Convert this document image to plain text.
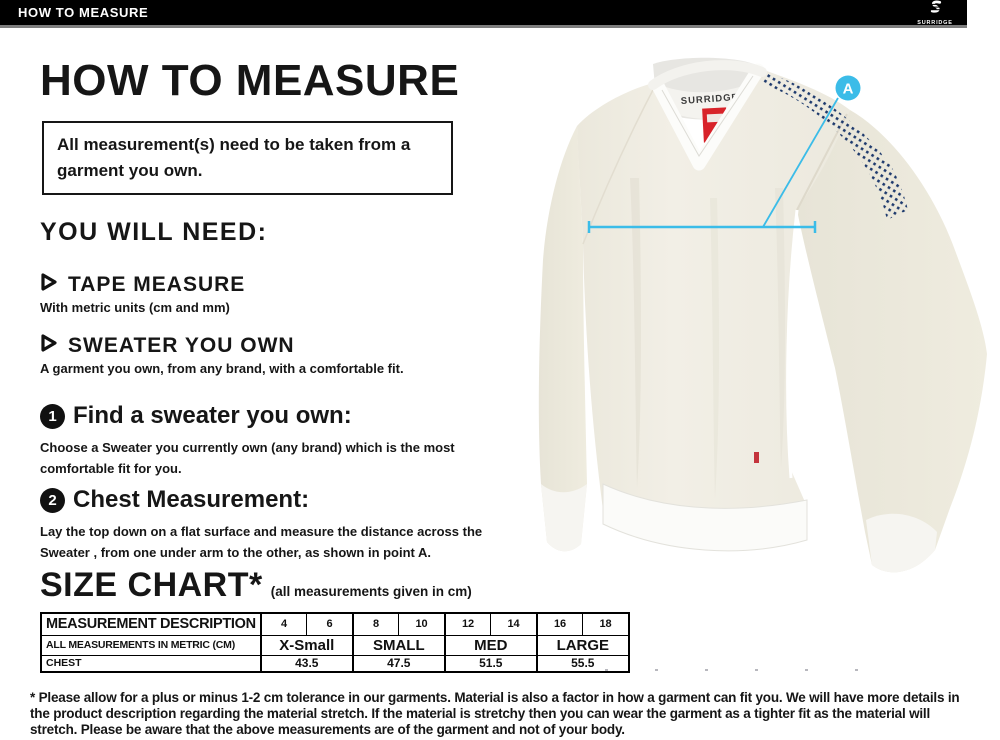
HOW TO MEASURE
SURRIDGE
HOW TO MEASURE

All measurement(s) need to be taken from a garment you own.

YOU WILL NEED:
TAPE MEASURE
With metric units (cm and mm)
SWEATER YOU OWN
A garment you own, from any brand, with a comfortable fit.
1 Find a sweater you own:
Choose a Sweater you currently own (any brand) which is the most comfortable fit for you.
2 Chest Measurement:
Lay the top down on a flat surface and measure the distance across the Sweater , from one under arm to the other, as shown in point A.
SIZE CHART* (all measurements given in cm)
MEASUREMENT DESCRIPTION	4	6	8	10	12	14	16	18
ALL MEASUREMENTS IN METRIC (CM)	X-Small		SMALL		MED		LARGE	
CHEST	43.5		47.5		51.5		55.5	
* Please allow for a plus or minus 1-2 cm tolerance in our garments. Material is also a factor in how a garment can fit you. We will have more details in the product description regarding the material stretch. If the material is stretchy then you can wear the garment as a tighter fit as the material will stretch. Please be aware that the above measurements are of the garment and not of your body.
SURRIDGE
A
